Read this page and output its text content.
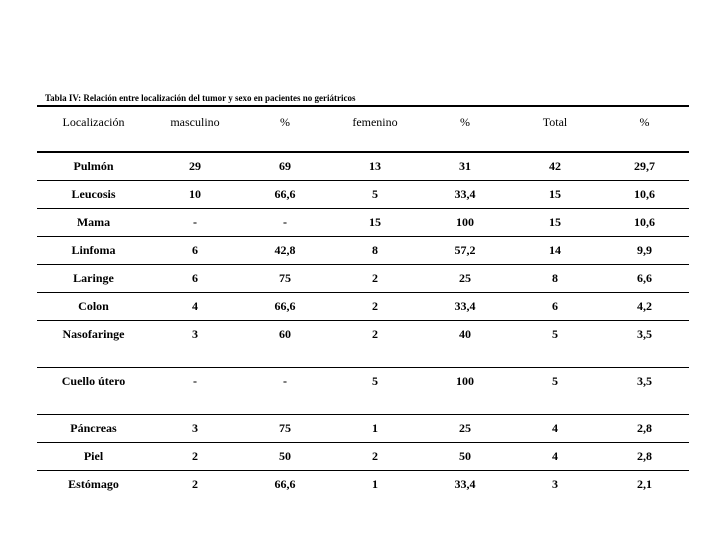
Tabla IV: Relación entre localización del tumor y sexo en pacientes no geriátricos
Localización	masculino	%	femenino	%	Total	%
Pulmón	29	69	13	31	42	29,7
Leucosis	10	66,6	5	33,4	15	10,6
Mama	-	-	15	100	15	10,6
Linfoma	6	42,8	8	57,2	14	9,9
Laringe	6	75	2	25	8	6,6
Colon	4	66,6	2	33,4	6	4,2
Nasofaringe	3	60	2	40	5	3,5
Cuello útero	-	-	5	100	5	3,5
Páncreas	3	75	1	25	4	2,8
Piel	2	50	2	50	4	2,8
Estómago	2	66,6	1	33,4	3	2,1
